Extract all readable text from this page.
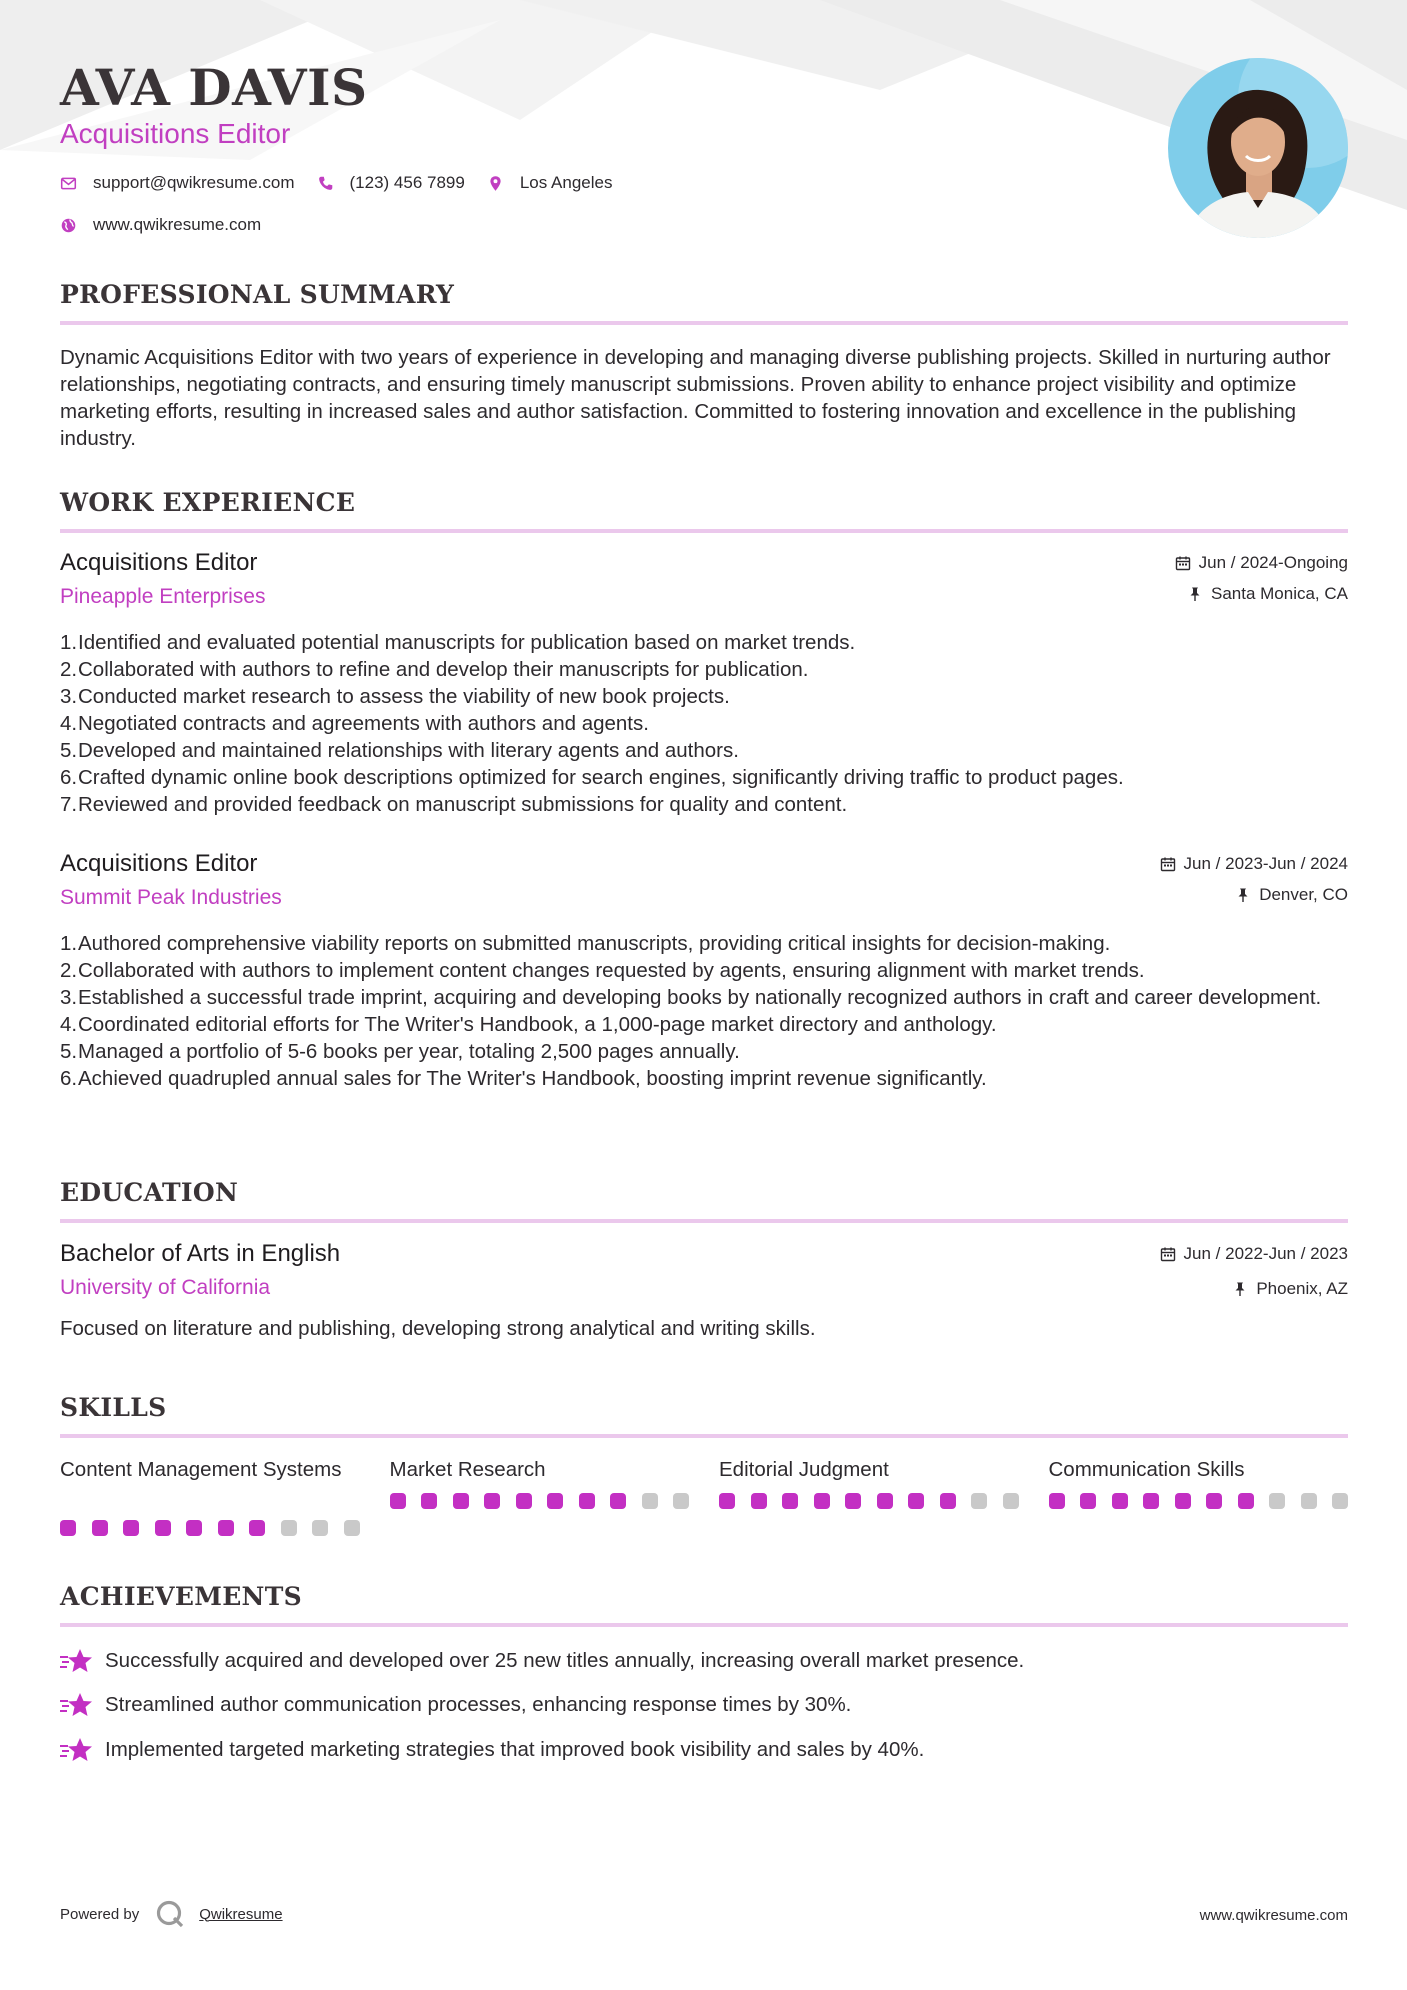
AVA DAVIS
Acquisitions Editor
support@qwikresume.com	(123) 456 7899	Los Angeles
www.qwikresume.com
PROFESSIONAL SUMMARY

Dynamic Acquisitions Editor with two years of experience in developing and managing diverse publishing projects. Skilled in nurturing author relationships, negotiating contracts, and ensuring timely manuscript submissions. Proven ability to enhance project visibility and optimize marketing efforts, resulting in increased sales and author satisfaction. Committed to fostering innovation and excellence in the publishing industry.

WORK EXPERIENCE
Acquisitions Editor
Pineapple Enterprises
Jun / 2024-Ongoing
Santa Monica, CA
1. Identified and evaluated potential manuscripts for publication based on market trends.
2. Collaborated with authors to refine and develop their manuscripts for publication.
3. Conducted market research to assess the viability of new book projects.
4. Negotiated contracts and agreements with authors and agents.
5. Developed and maintained relationships with literary agents and authors.
6. Crafted dynamic online book descriptions optimized for search engines, significantly driving traffic to product pages.
7. Reviewed and provided feedback on manuscript submissions for quality and content.
Acquisitions Editor
Summit Peak Industries
Jun / 2023-Jun / 2024
Denver, CO
1. Authored comprehensive viability reports on submitted manuscripts, providing critical insights for decision-making.
2. Collaborated with authors to implement content changes requested by agents, ensuring alignment with market trends.
3. Established a successful trade imprint, acquiring and developing books by nationally recognized authors in craft and career development.
4. Coordinated editorial efforts for The Writer's Handbook, a 1,000-page market directory and anthology.
5. Managed a portfolio of 5-6 books per year, totaling 2,500 pages annually.
6. Achieved quadrupled annual sales for The Writer's Handbook, boosting imprint revenue significantly.
EDUCATION
Bachelor of Arts in English
University of California
Jun / 2022-Jun / 2023
Phoenix, AZ
Focused on literature and publishing, developing strong analytical and writing skills.
SKILLS
Content Management Systems	Market Research	Editorial Judgment	Communication Skills
ACHIEVEMENTS
Successfully acquired and developed over 25 new titles annually, increasing overall market presence.
Streamlined author communication processes, enhancing response times by 30%.
Implemented targeted marketing strategies that improved book visibility and sales by 40%.
Powered by	Qwikresume	www.qwikresume.com
